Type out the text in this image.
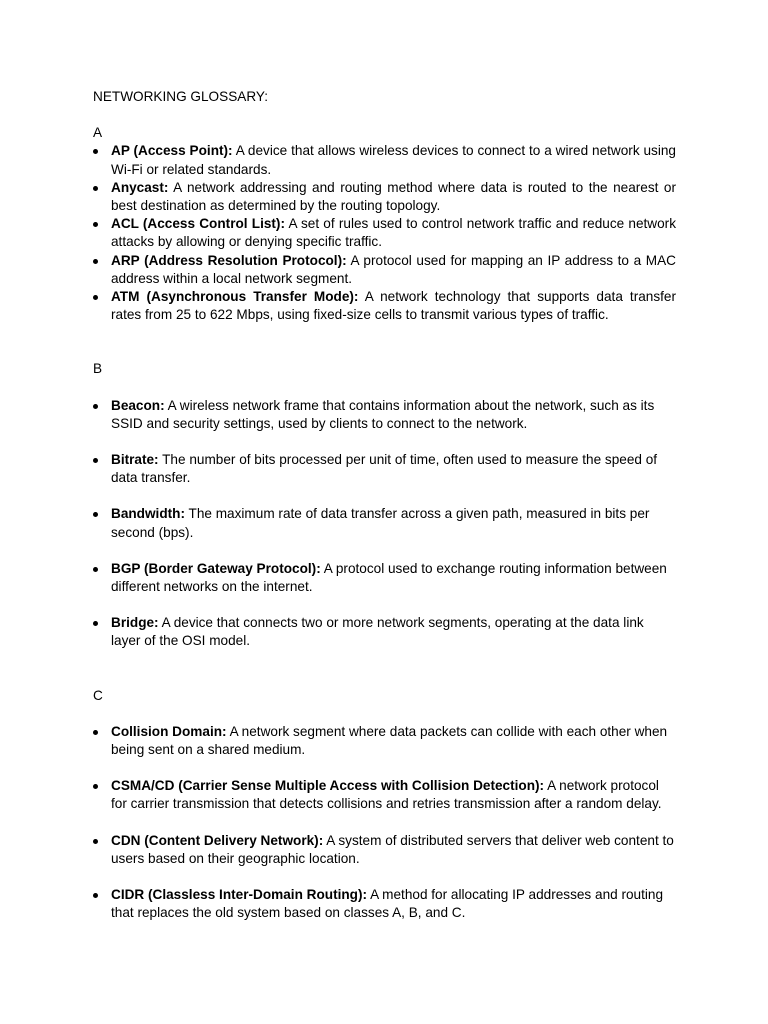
NETWORKING GLOSSARY:
A
AP (Access Point): A device that allows wireless devices to connect to a wired network using Wi-Fi or related standards.
Anycast: A network addressing and routing method where data is routed to the nearest or best destination as determined by the routing topology.
ACL (Access Control List): A set of rules used to control network traffic and reduce network attacks by allowing or denying specific traffic.
ARP (Address Resolution Protocol): A protocol used for mapping an IP address to a MAC address within a local network segment.
ATM (Asynchronous Transfer Mode): A network technology that supports data transfer rates from 25 to 622 Mbps, using fixed-size cells to transmit various types of traffic.
B
Beacon: A wireless network frame that contains information about the network, such as its SSID and security settings, used by clients to connect to the network.
Bitrate: The number of bits processed per unit of time, often used to measure the speed of data transfer.
Bandwidth: The maximum rate of data transfer across a given path, measured in bits per second (bps).
BGP (Border Gateway Protocol): A protocol used to exchange routing information between different networks on the internet.
Bridge: A device that connects two or more network segments, operating at the data link layer of the OSI model.
C
Collision Domain: A network segment where data packets can collide with each other when being sent on a shared medium.
CSMA/CD (Carrier Sense Multiple Access with Collision Detection): A network protocol for carrier transmission that detects collisions and retries transmission after a random delay.
CDN (Content Delivery Network): A system of distributed servers that deliver web content to users based on their geographic location.
CIDR (Classless Inter-Domain Routing): A method for allocating IP addresses and routing that replaces the old system based on classes A, B, and C.
